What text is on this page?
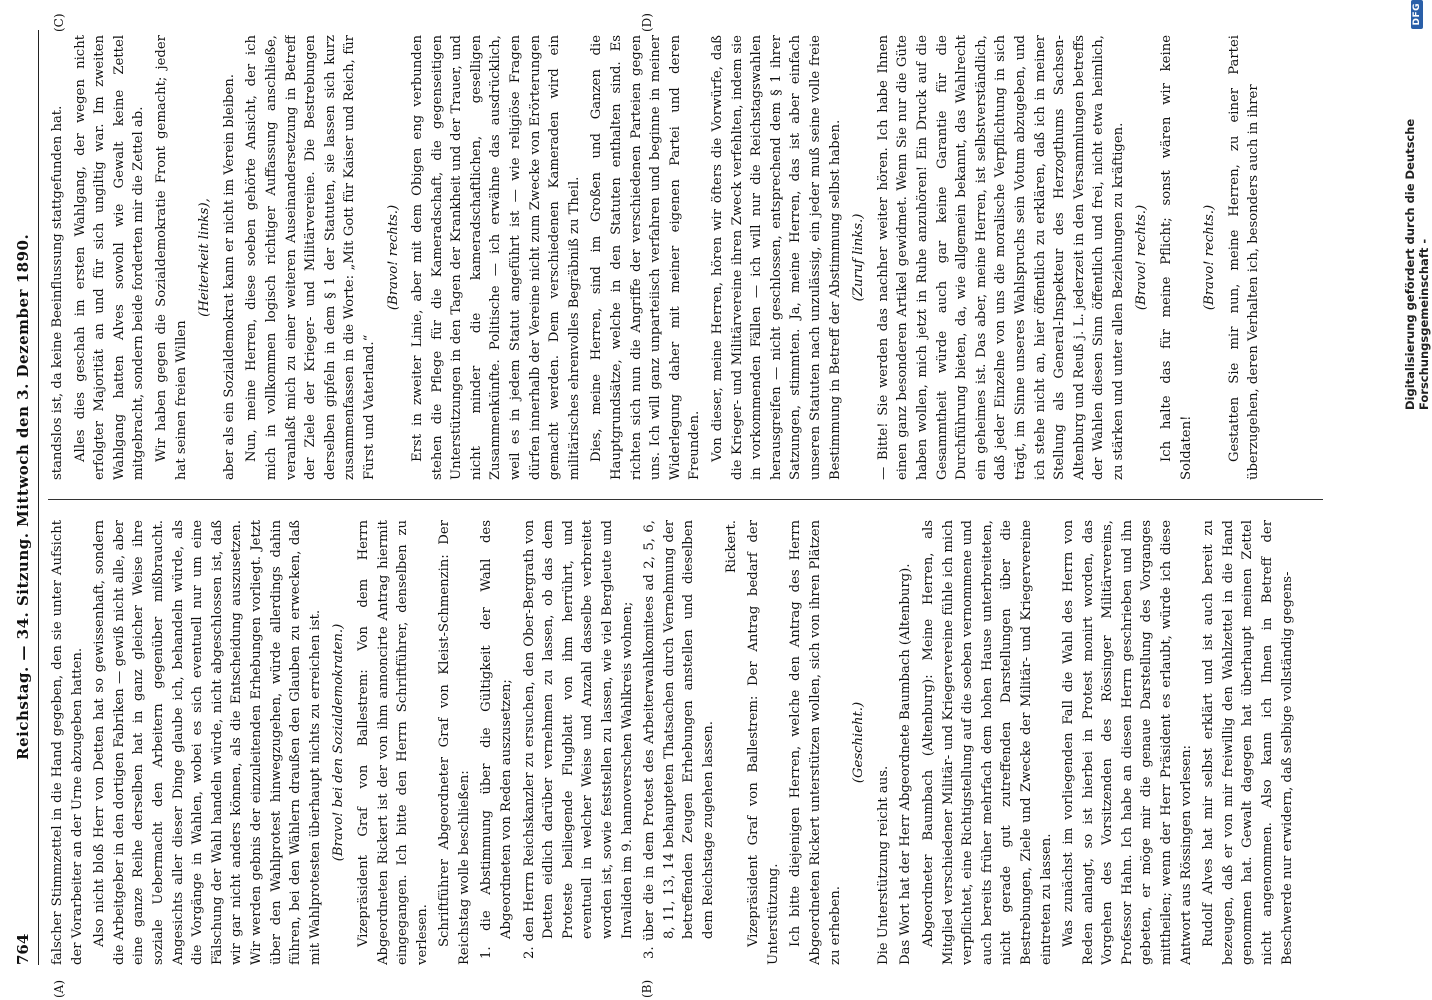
764
Reichstag. — 34. Sitzung. Mittwoch den 3. Dezember 1890.
(A)	(B)
(C)	(D)

falscher Stimmzettel in die Hand gegeben, den sie unter Aufsicht der Vorarbeiter an der Urne abzugeben hatten. Also nicht bloß Herr von Detten hat so gewissenhaft, sondern die Arbeitgeber in den dortigen Fabriken — gewiß nicht alle, aber eine ganze Reihe derselben hat in ganz gleicher Weise ihre soziale Uebermacht den Arbeitern gegenüber mißbraucht. Angesichts aller dieser Dinge glaube ich, behandeln würde, als die Vorgänge in Wahlen, wobei es sich eventuell nur um eine Fälschung der Wahl handeln würde, nicht abgeschlossen ist, daß wir gar nicht anders können, als die Entscheidung auszusetzen. Wir werden gebnis der einzuleitenden Erhebungen vorliegt. Jetzt über den Wahlprotest hinwegzugehen, würde allerdings dahin führen, bei den Wählern draußen den Glauben zu erwecken, daß mit Wahlprotesten überhaupt nichts zu erreichen ist. (Bravo! bei den Sozialdemokraten.) Vizepräsident Graf von Ballestrem: Von dem Herrn Abgeordneten Rickert ist der von ihm annoncirte Antrag hiermit eingegangen. Ich bitte den Herrn Schriftführer, denselben zu verlesen. Schriftführer Abgeordneter Graf von Kleist-Schmenzin: Der Reichstag wolle beschließen: 1. die Abstimmung über die Gültigkeit der Wahl des Abgeordneten von Reden auszusetzen;

2. den Herrn Reichskanzler zu ersuchen, den Ober-Bergrath von Detten eidlich darüber vernehmen zu lassen, ob das dem Proteste beiliegende Flugblatt von ihm herrührt, und eventuell in welcher Weise und Anzahl dasselbe verbreitet worden ist, sowie feststellen zu lassen, wie viel Bergleute und Invaliden im 9. hannoverschen Wahlkreis wohnen;

3. über die in dem Protest des Arbeiterwahlkomitees ad 2, 5, 6, 8, 11, 13, 14 behaupteten Thatsachen durch Vernehmung der betreffenden Zeugen Erhebungen anstellen und dieselben dem Reichstage zugehen lassen.

Rickert. Vizepräsident Graf von Ballestrem: Der Antrag bedarf der Unterstützung. Ich bitte diejenigen Herren, welche den Antrag des Herrn Abgeordneten Rickert unterstützen wollen, sich von ihren Plätzen zu erheben.

(Geschieht.)

Die Unterstützung reicht aus. Das Wort hat der Herr Abgeordnete Baumbach (Altenburg). Abgeordneter Baumbach (Altenburg): Meine Herren, als Mitglied verschiedener Militär- und Kriegervereine fühle ich mich verpflichtet, eine Richtigstellung auf die soeben vernommene und auch bereits früher mehrfach dem hohen Hause unterbreiteten, nicht gerade gut zutreffenden Darstellungen über die Bestrebungen, Ziele und Zwecke der Militär- und Kriegervereine eintreten zu lassen. Was zunächst im vorliegenden Fall die Wahl des Herrn von Reden anlangt, so ist hierbei in Protest monirt worden, das Vorgehen des Vorsitzenden des Rössinger Militärvereins, Professor Hahn. Ich habe an diesen Herrn geschrieben und ihn gebeten, er möge mir die genaue Darstellung des Vorganges mittheilen; wenn der Herr Präsident es erlaubt, würde ich diese Antwort aus Rössingen vorlesen: Rudolf Alves hat mir selbst erklärt und ist auch bereit zu bezeugen, daß er von mir freiwillig den Wahlzettel in die Hand genommen hat. Gewalt dagegen hat überhaupt meinen Zettel nicht angenommen. Also kann ich Ihnen in Betreff der Beschwerde nur erwidern, daß selbige vollständig gegens-

standslos ist, da keine Beeinflussung stattgefunden hat. Alles dies geschah im ersten Wahlgang, der wegen nicht erfolgter Majorität an und für sich ungiltig war. Im zweiten Wahlgang hatten Alves sowohl wie Gewalt keine Zettel mitgebracht, sondern beide forderten mir die Zettel ab. Wir haben gegen die Sozialdemokratie Front gemacht; jeder hat seinen freien Willen

(Heiterkeit links), aber als ein Sozialdemokrat kann er nicht im Verein bleiben. Nun, meine Herren, diese soeben gehörte Ansicht, der ich mich in vollkommen logisch richtiger Auffassung anschließe, veranlaßt mich zu einer weiteren Auseinandersetzung in Betreff der Ziele der Krieger- und Militärvereine. Die Bestrebungen derselben gipfeln in dem § 1 der Statuten, sie lassen sich kurz zusammenfassen in die Worte: „Mit Gott für Kaiser und Reich, für Fürst und Vaterland.“

(Bravo! rechts.) Erst in zweiter Linie, aber mit dem Obigen eng verbunden stehen die Pflege für die Kameradschaft, die gegenseitigen Unterstützungen in den Tagen der Krankheit und der Trauer, und nicht minder die kameradschaftlichen, geselligen Zusammenkünfte. Politische — ich erwähne das ausdrücklich, weil es in jedem Statut angeführt ist — wie religiöse Fragen dürfen innerhalb der Vereine nicht zum Zwecke von Erörterungen gemacht werden. Dem verschiedenen Kameraden wird ein militärisches ehrenvolles Begräbniß zu Theil. Dies, meine Herren, sind im Großen und Ganzen die Hauptgrundsätze, welche in den Statuten enthalten sind. Es richten sich nun die Angriffe der verschiedenen Parteien gegen uns. Ich will ganz unparteiisch verfahren und beginne in meiner Widerlegung daher mit meiner eigenen Partei und deren Freunden. Von dieser, meine Herren, hören wir öfters die Vorwürfe, daß die Krieger- und Militärvereine ihren Zweck verfehlten, indem sie in vorkommenden Fällen — ich will nur die Reichstagswahlen herausgreifen — nicht geschlossen, entsprechend dem § 1 ihrer Satzungen, stimmten. Ja, meine Herren, das ist aber einfach unseren Statuten nach unzulässig, ein jeder muß seine volle freie Bestimmung in Betreff der Abstimmung selbst haben. (Zuruf links.) — Bitte! Sie werden das nachher weiter hören. Ich habe Ihnen einen ganz besonderen Artikel gewidmet. Wenn Sie nur die Güte haben wollen, mich jetzt in Ruhe anzuhören! Ein Druck auf die Gesammtheit würde auch gar keine Garantie für die Durchführung bieten, da, wie allgemein bekannt, das Wahlrecht ein geheimes ist. Das aber, meine Herren, ist selbstverständlich, daß jeder Einzelne von uns die moralische Verpflichtung in sich trägt, im Sinne unseres Wahlspruchs sein Votum abzugeben, und ich stehe nicht an, hier öffentlich zu erklären, daß ich in meiner Stellung als General-Inspekteur des Herzogthums Sachsen-Altenburg und Reuß j. L. jederzeit in den Versammlungen betreffs der Wahlen diesen Sinn öffentlich und frei, nicht etwa heimlich, zu stärken und unter allen Beziehungen zu kräftigen. (Bravo! rechts.) Ich halte das für meine Pflicht; sonst wären wir keine Soldaten!

(Bravo! rechts.) Gestatten Sie mir nun, meine Herren, zu einer Partei überzugehen, deren Verhalten ich, besonders auch in ihrer	Digitalisierung gefördert durch die Deutsche Forschungsgemeinschaft -
DFG
